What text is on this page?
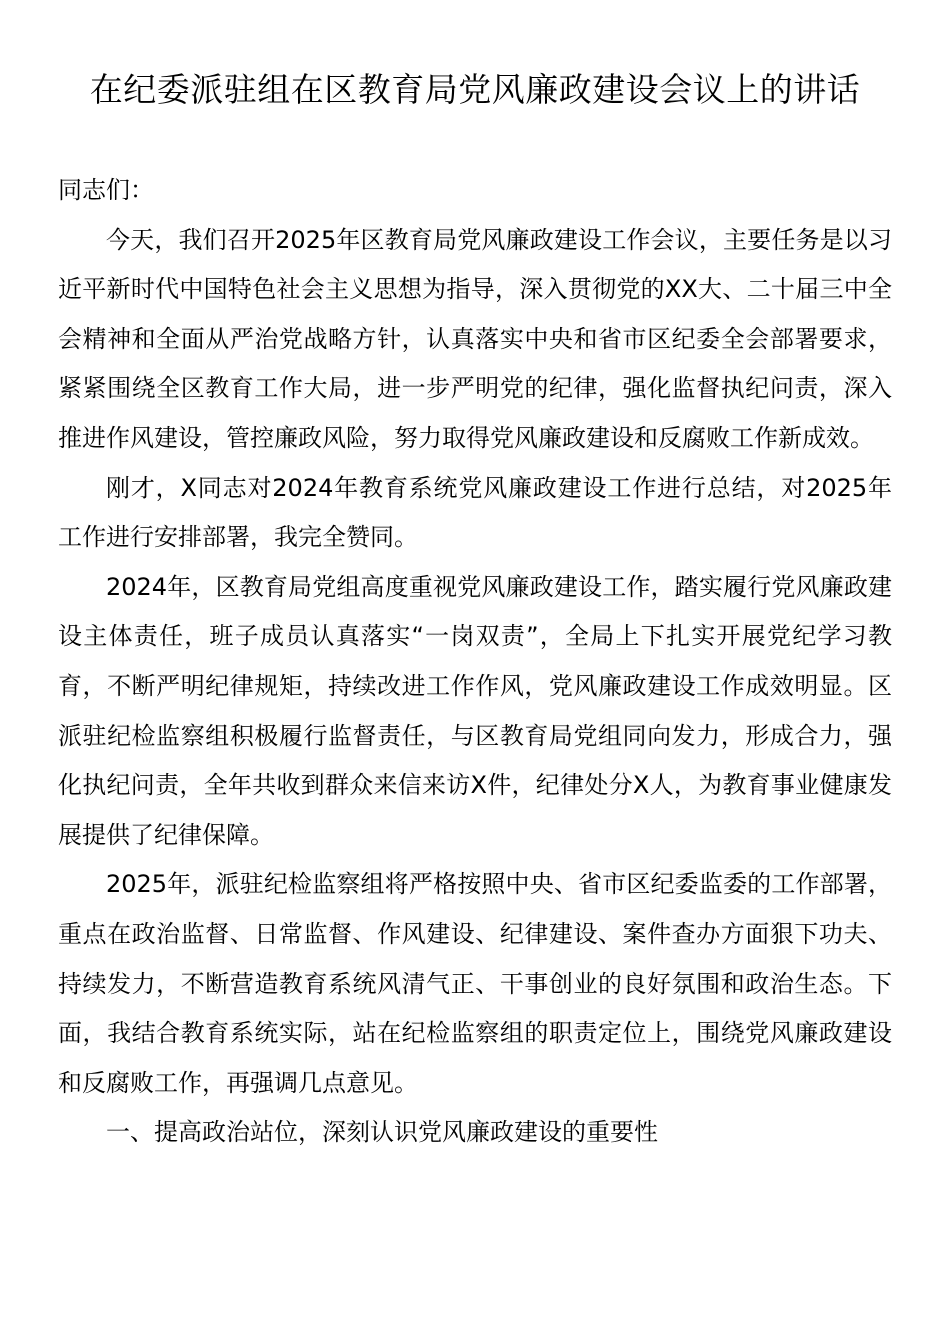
在纪委派驻组在区教育局党风廉政建设会议上的讲话

同志们：

今天，我们召开2025年区教育局党风廉政建设工作会议，主要任务是以习近平新时代中国特色社会主义思想为指导，深入贯彻党的XX大、二十届三中全会精神和全面从严治党战略方针，认真落实中央和省市区纪委全会部署要求，紧紧围绕全区教育工作大局，进一步严明党的纪律，强化监督执纪问责，深入推进作风建设，管控廉政风险，努力取得党风廉政建设和反腐败工作新成效。

刚才，X同志对2024年教育系统党风廉政建设工作进行总结，对2025年工作进行安排部署，我完全赞同。

2024年，区教育局党组高度重视党风廉政建设工作，踏实履行党风廉政建设主体责任，班子成员认真落实“一岗双责”，全局上下扎实开展党纪学习教育，不断严明纪律规矩，持续改进工作作风，党风廉政建设工作成效明显。区派驻纪检监察组积极履行监督责任，与区教育局党组同向发力，形成合力，强化执纪问责，全年共收到群众来信来访X件，纪律处分X人，为教育事业健康发展提供了纪律保障。

2025年，派驻纪检监察组将严格按照中央、省市区纪委监委的工作部署，重点在政治监督、日常监督、作风建设、纪律建设、案件查办方面狠下功夫、持续发力，不断营造教育系统风清气正、干事创业的良好氛围和政治生态。下面，我结合教育系统实际，站在纪检监察组的职责定位上，围绕党风廉政建设和反腐败工作，再强调几点意见。

一、提高政治站位，深刻认识党风廉政建设的重要性
